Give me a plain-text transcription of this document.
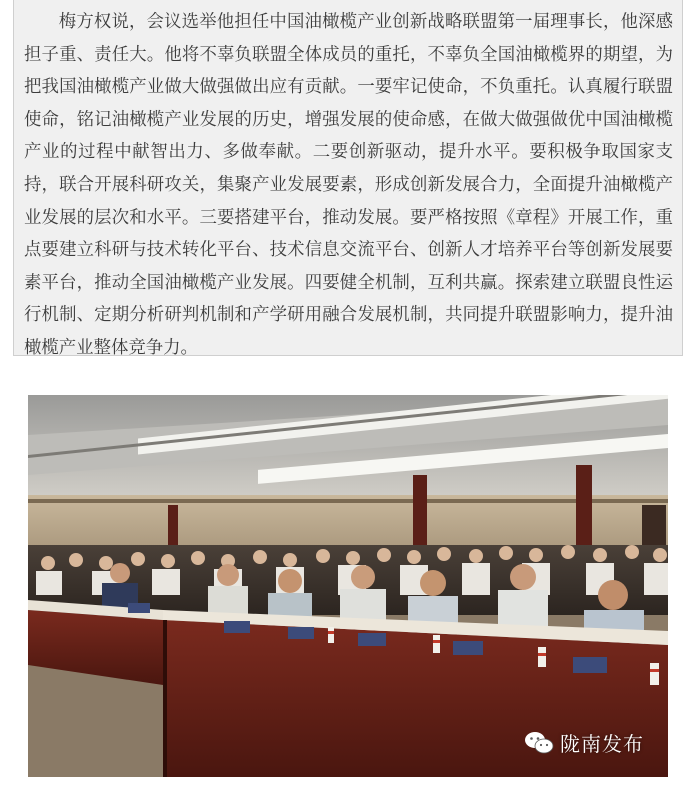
梅方权说，会议选举他担任中国油橄榄产业创新战略联盟第一届理事长，他深感担子重、责任大。他将不辜负联盟全体成员的重托，不辜负全国油橄榄界的期望，为把我国油橄榄产业做大做强做出应有贡献。一要牢记使命，不负重托。认真履行联盟使命，铭记油橄榄产业发展的历史，增强发展的使命感，在做大做强做优中国油橄榄产业的过程中献智出力、多做奉献。二要创新驱动，提升水平。要积极争取国家支持，联合开展科研攻关，集聚产业发展要素，形成创新发展合力，全面提升油橄榄产业发展的层次和水平。三要搭建平台，推动发展。要严格按照《章程》开展工作，重点要建立科研与技术转化平台、技术信息交流平台、创新人才培养平台等创新发展要素平台，推动全国油橄榄产业发展。四要健全机制，互利共赢。探索建立联盟良性运行机制、定期分析研判机制和产学研用融合发展机制，共同提升联盟影响力，提升油橄榄产业整体竞争力。

陇南发布
